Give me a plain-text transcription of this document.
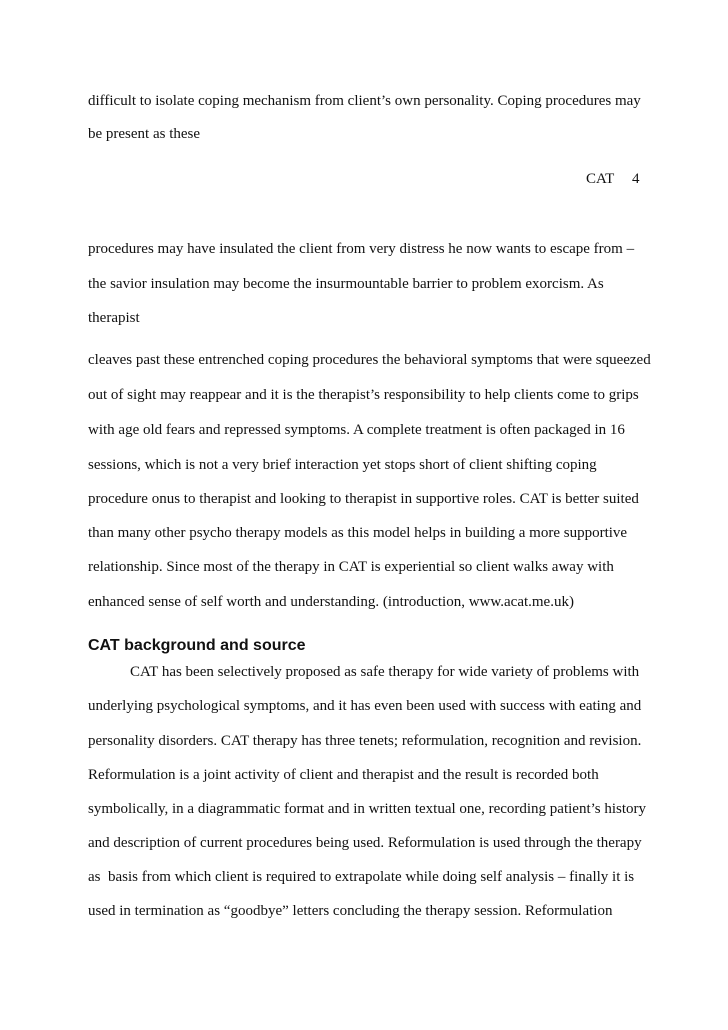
difficult to isolate coping mechanism from client’s own personality. Coping procedures may
be present as these
CAT 4
procedures may have insulated the client from very distress he now wants to escape from –
the savior insulation may become the insurmountable barrier to problem exorcism. As
therapist
cleaves past these entrenched coping procedures the behavioral symptoms that were squeezed
out of sight may reappear and it is the therapist’s responsibility to help clients come to grips
with age old fears and repressed symptoms. A complete treatment is often packaged in 16
sessions, which is not a very brief interaction yet stops short of client shifting coping
procedure onus to therapist and looking to therapist in supportive roles. CAT is better suited
than many other psycho therapy models as this model helps in building a more supportive
relationship. Since most of the therapy in CAT is experiential so client walks away with
enhanced sense of self worth and understanding. (introduction, www.acat.me.uk)
CAT background and source
CAT has been selectively proposed as safe therapy for wide variety of problems with
underlying psychological symptoms, and it has even been used with success with eating and
personality disorders. CAT therapy has three tenets; reformulation, recognition and revision.
Reformulation is a joint activity of client and therapist and the result is recorded both
symbolically, in a diagrammatic format and in written textual one, recording patient’s history
and description of current procedures being used. Reformulation is used through the therapy
as  basis from which client is required to extrapolate while doing self analysis – finally it is
used in termination as “goodbye” letters concluding the therapy session. Reformulation
